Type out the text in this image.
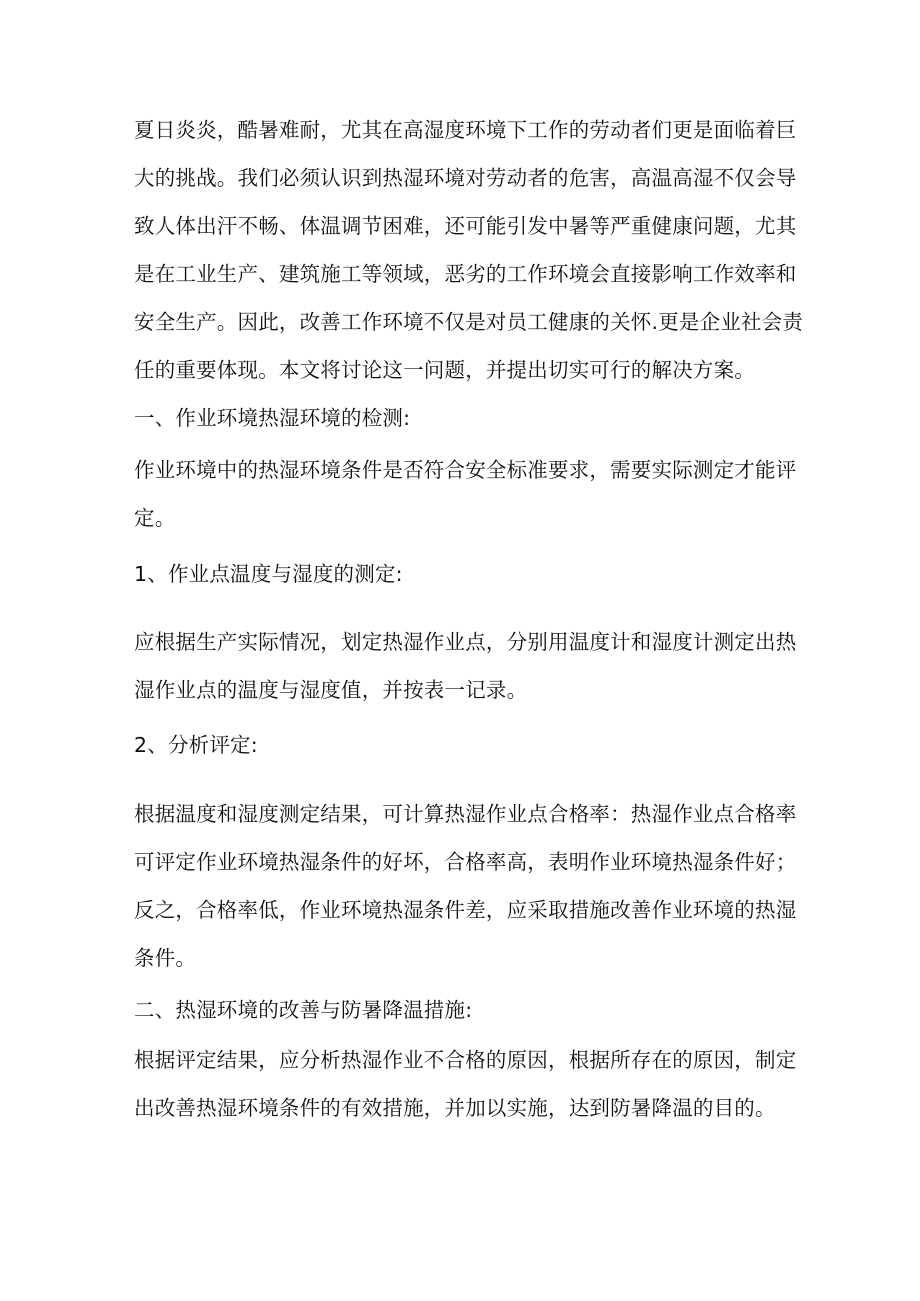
夏日炎炎，酷暑难耐，尤其在高湿度环境下工作的劳动者们更是面临着巨
大的挑战。我们必须认识到热湿环境对劳动者的危害，高温高湿不仅会导
致人体出汗不畅、体温调节困难，还可能引发中暑等严重健康问题，尤其
是在工业生产、建筑施工等领域，恶劣的工作环境会直接影响工作效率和
安全生产。因此，改善工作环境不仅是对员工健康的关怀.更是企业社会责
任的重要体现。本文将讨论这一问题，并提出切实可行的解决方案。
一、作业环境热湿环境的检测:
作业环境中的热湿环境条件是否符合安全标准要求，需要实际测定才能评
定。
1、作业点温度与湿度的测定:
应根据生产实际情况，划定热湿作业点，分别用温度计和湿度计测定出热
湿作业点的温度与湿度值，并按表一记录。
2、分析评定:
根据温度和湿度测定结果，可计算热湿作业点合格率：热湿作业点合格率
可评定作业环境热湿条件的好坏，合格率高，表明作业环境热湿条件好；
反之，合格率低，作业环境热湿条件差，应采取措施改善作业环境的热湿
条件。
二、热湿环境的改善与防暑降温措施:
根据评定结果，应分析热湿作业不合格的原因，根据所存在的原因，制定
出改善热湿环境条件的有效措施，并加以实施，达到防暑降温的目的。
